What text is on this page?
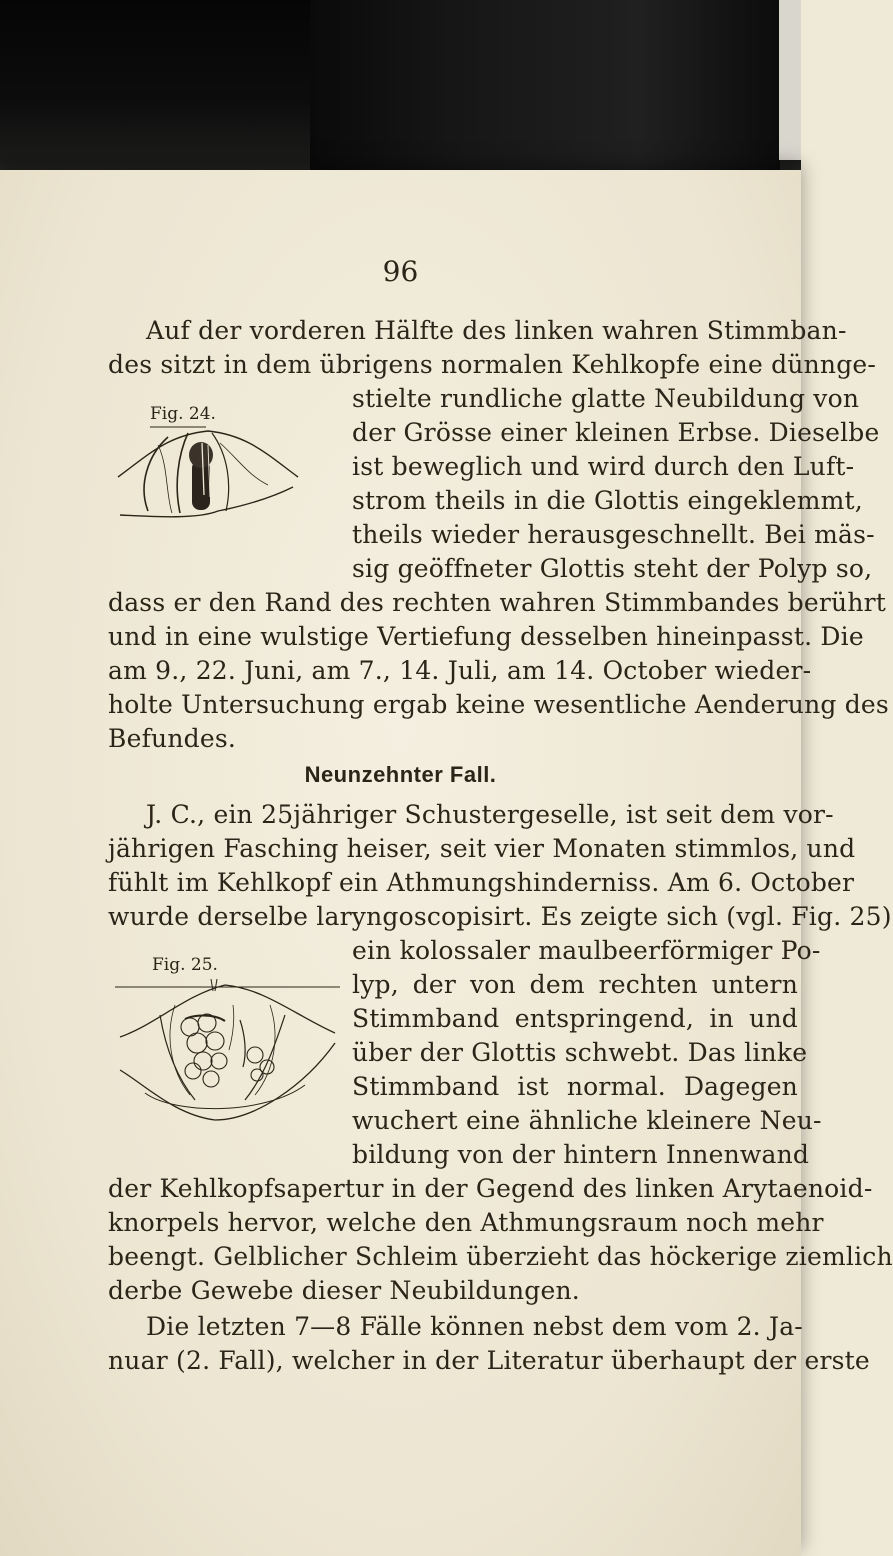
96
Auf der vorderen Hälfte des linken wahren Stimmban-
des sitzt in dem übrigens normalen Kehlkopfe eine dünnge-
stielte rundliche glatte Neubildung von
der Grösse einer kleinen Erbse. Dieselbe
ist beweglich und wird durch den Luft-
strom theils in die Glottis eingeklemmt,
theils wieder herausgeschnellt. Bei mäs-
sig geöffneter Glottis steht der Polyp so,
dass er den Rand des rechten wahren Stimmbandes berührt
und in eine wulstige Vertiefung desselben hineinpasst. Die
am 9., 22. Juni, am 7., 14. Juli, am 14. October wieder-
holte Untersuchung ergab keine wesentliche Aenderung des
Befundes.
Fig. 24.
Neunzehnter Fall.
J. C., ein 25jähriger Schustergeselle, ist seit dem vor-
jährigen Fasching heiser, seit vier Monaten stimmlos, und
fühlt im Kehlkopf ein Athmungshinderniss. Am 6. October
wurde derselbe laryngoscopisirt. Es zeigte sich (vgl. Fig. 25)
ein kolossaler maulbeerförmiger Po-
lyp, der von dem rechten untern
Stimmband entspringend, in und
über der Glottis schwebt. Das linke
Stimmband ist normal. Dagegen
wuchert eine ähnliche kleinere Neu-
bildung von der hintern Innenwand
der Kehlkopfsapertur in der Gegend des linken Arytaenoid-
knorpels hervor, welche den Athmungsraum noch mehr
beengt. Gelblicher Schleim überzieht das höckerige ziemlich
derbe Gewebe dieser Neubildungen.
Fig. 25.
Die letzten 7—8 Fälle können nebst dem vom 2. Ja-
nuar (2. Fall), welcher in der Literatur überhaupt der erste
